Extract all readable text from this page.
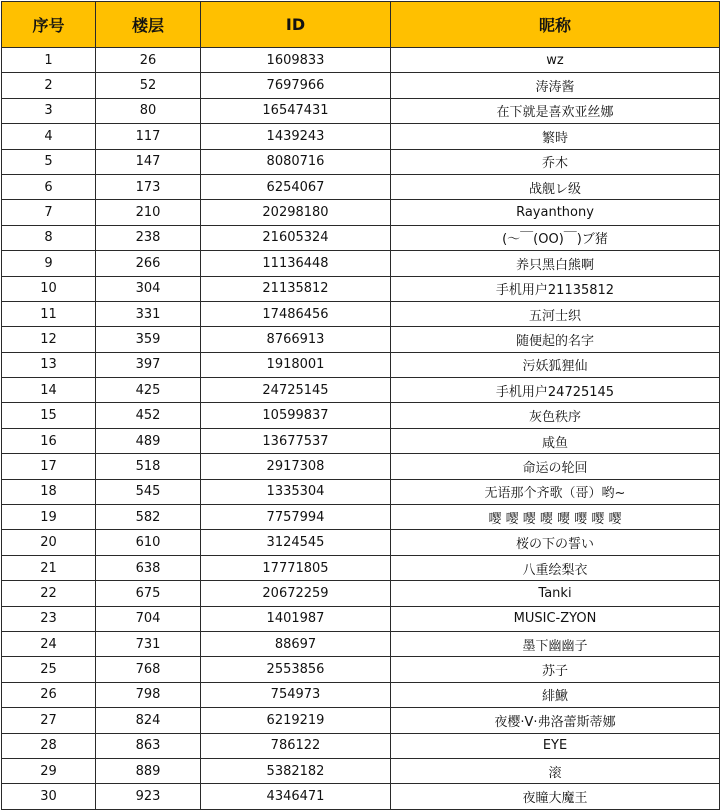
序号	楼层	ID	昵称
1	26	1609833	wz
2	52	7697966	涛涛酱
3	80	16547431	在下就是喜欢亚丝娜
4	117	1439243	繁時
5	147	8080716	乔木
6	173	6254067	战舰レ级
7	210	20298180	Rayanthony
8	238	21605324	(～￣(OO)￣)ブ猪
9	266	11136448	养只黑白熊啊
10	304	21135812	手机用户21135812
11	331	17486456	五河士织
12	359	8766913	随便起的名字
13	397	1918001	污妖狐狸仙
14	425	24725145	手机用户24725145
15	452	10599837	灰色秩序
16	489	13677537	咸鱼
17	518	2917308	命运の轮回
18	545	1335304	无语那个齐歌（哥）哟~
19	582	7757994	嘤 嘤 嘤 嘤 嘤 嘤 嘤 嘤
20	610	3124545	桜の下の誓い
21	638	17771805	八重绘梨衣
22	675	20672259	Tanki
23	704	1401987	MUSIC-ZYON
24	731	88697	墨下幽幽子
25	768	2553856	苏子
26	798	754973	緋鰍
27	824	6219219	夜樱·V·弗洛蕾斯蒂娜
28	863	786122	EYE
29	889	5382182	滚
30	923	4346471	夜瞳大魔王
